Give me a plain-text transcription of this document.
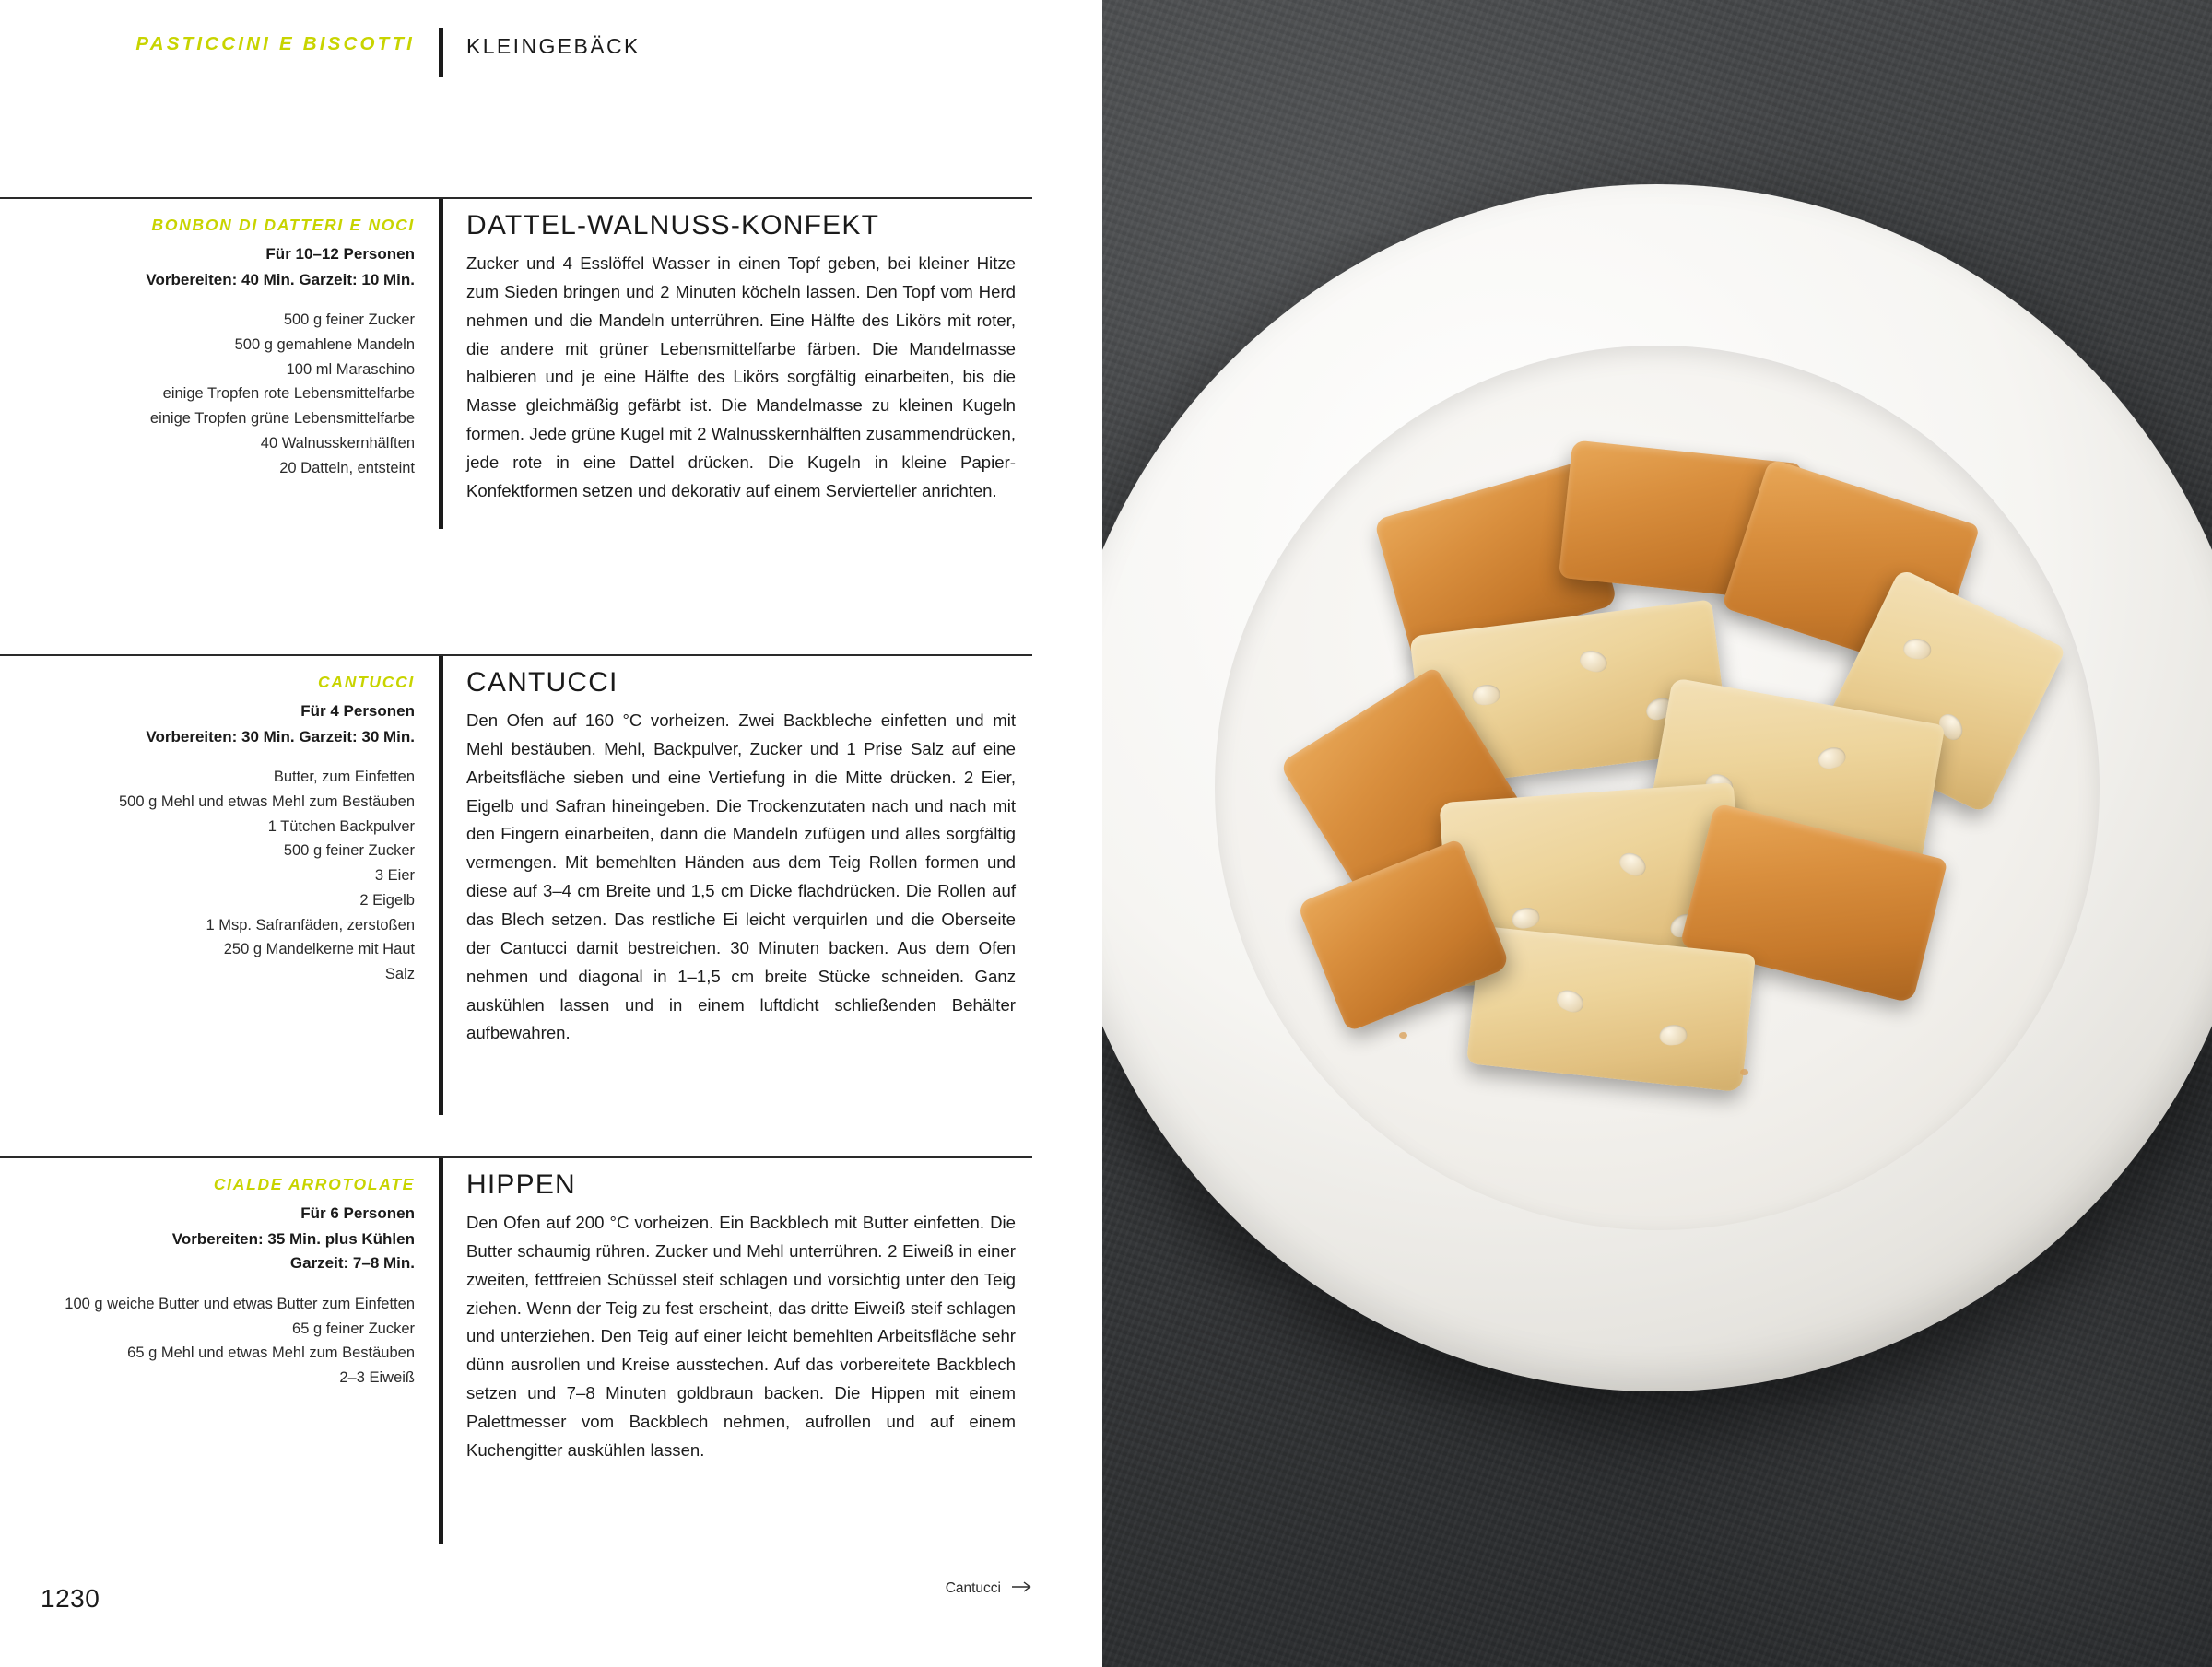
PASTICCINI E BISCOTTI	KLEINGEBÄCK
BONBON DI DATTERI E NOCI
Für 10–12 Personen
Vorbereiten: 40 Min. Garzeit: 10 Min.
500 g feiner Zucker
500 g gemahlene Mandeln
100 ml Maraschino
einige Tropfen rote Lebensmittelfarbe
einige Tropfen grüne Lebensmittelfarbe
40 Walnusskernhälften
20 Datteln, entsteint
DATTEL-WALNUSS-KONFEKT

Zucker und 4 Esslöffel Wasser in einen Topf geben, bei kleiner Hitze zum Sieden bringen und 2 Minuten köcheln lassen. Den Topf vom Herd nehmen und die Mandeln unterrühren. Eine Hälfte des Likörs mit roter, die andere mit grüner Lebensmittelfarbe färben. Die Mandelmasse halbieren und je eine Hälfte des Likörs sorgfältig einarbeiten, bis die Masse gleichmäßig gefärbt ist. Die Mandelmasse zu kleinen Kugeln formen. Jede grüne Kugel mit 2 Walnusskernhälften zusammendrücken, jede rote in eine Dattel drücken. Die Kugeln in kleine Papier-Konfektformen setzen und dekorativ auf einem Servierteller anrichten.

CANTUCCI
Für 4 Personen
Vorbereiten: 30 Min. Garzeit: 30 Min.
Butter, zum Einfetten
500 g Mehl und etwas Mehl zum Bestäuben
1 Tütchen Backpulver
500 g feiner Zucker
3 Eier
2 Eigelb
1 Msp. Safranfäden, zerstoßen
250 g Mandelkerne mit Haut
Salz
CANTUCCI

Den Ofen auf 160 °C vorheizen. Zwei Backbleche einfetten und mit Mehl bestäuben. Mehl, Backpulver, Zucker und 1 Prise Salz auf eine Arbeitsfläche sieben und eine Vertiefung in die Mitte drücken. 2 Eier, Eigelb und Safran hineingeben. Die Trockenzutaten nach und nach mit den Fingern einarbeiten, dann die Mandeln zufügen und alles sorgfältig vermengen. Mit bemehlten Händen aus dem Teig Rollen formen und diese auf 3–4 cm Breite und 1,5 cm Dicke flachdrücken. Die Rollen auf das Blech setzen. Das restliche Ei leicht verquirlen und die Oberseite der Cantucci damit bestreichen. 30 Minuten backen. Aus dem Ofen nehmen und diagonal in 1–1,5 cm breite Stücke schneiden. Ganz auskühlen lassen und in einem luftdicht schließenden Behälter aufbewahren.

CIALDE ARROTOLATE
Für 6 Personen
Vorbereiten: 35 Min. plus Kühlen
Garzeit: 7–8 Min.
100 g weiche Butter und etwas Butter zum Einfetten
65 g feiner Zucker
65 g Mehl und etwas Mehl zum Bestäuben
2–3 Eiweiß
HIPPEN

Den Ofen auf 200 °C vorheizen. Ein Backblech mit Butter einfetten. Die Butter schaumig rühren. Zucker und Mehl unterrühren. 2 Eiweiß in einer zweiten, fettfreien Schüssel steif schlagen und vorsichtig unter den Teig ziehen. Wenn der Teig zu fest erscheint, das dritte Eiweiß steif schlagen und unterziehen. Den Teig auf einer leicht bemehlten Arbeitsfläche sehr dünn ausrollen und Kreise ausstechen. Auf das vorbereitete Backblech setzen und 7–8 Minuten goldbraun backen. Die Hippen mit einem Palettmesser vom Backblech nehmen, aufrollen und auf einem Kuchengitter auskühlen lassen.

1230	Cantucci
